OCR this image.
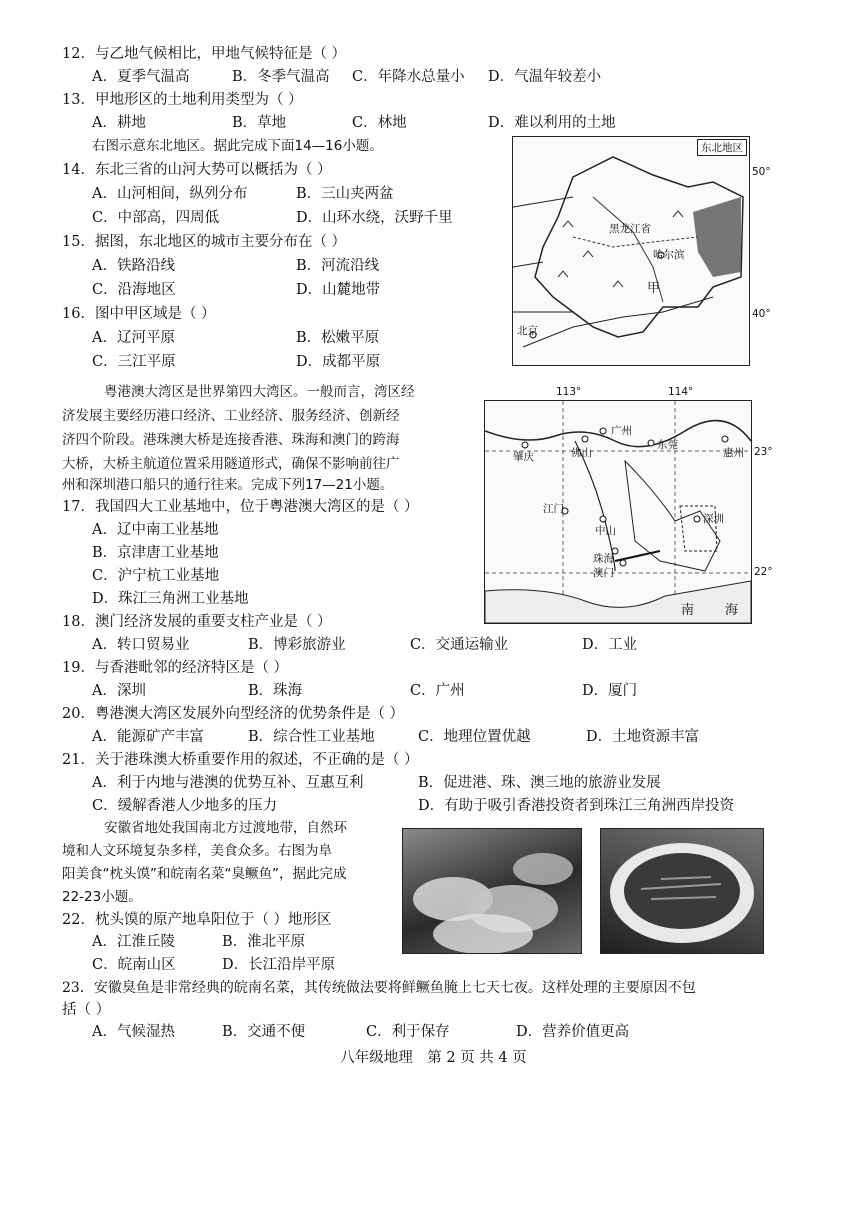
12．与乙地气候相比，甲地气候特征是（ ）
A．夏季气温高	B．冬季气温高 C．年降水总量小 D．气温年较差小
13．甲地形区的土地利用类型为（ ）
A．耕地	B．草地	C．林地	D．难以利用的土地
右图示意东北地区。据此完成下面14—16小题。
14．东北三省的山河大势可以概括为（ ）
A．山河相间，纵列分布	B．三山夹两盆
C．中部高，四周低	D．山环水绕，沃野千里
15．据图，东北地区的城市主要分布在（ ）
A．铁路沿线	B．河流沿线
C．沿海地区	D．山麓地带
16．图中甲区域是（ ）
A．辽河平原	B．松嫩平原
C．三江平原	D．成都平原
东北地区
甲
黑龙江省
哈尔滨
北京
50°
40°
粤港澳大湾区是世界第四大湾区。一般而言，湾区经
济发展主要经历港口经济、工业经济、服务经济、创新经
济四个阶段。港珠澳大桥是连接香港、珠海和澳门的跨海
大桥，大桥主航道位置采用隧道形式，确保不影响前往广
州和深圳港口船只的通行往来。完成下列17—21小题。
113°	114°
肇庆
广州
佛山
东莞
惠州
江门
中山
深圳
珠海
澳门
南 海
23°
22°
17．我国四大工业基地中，位于粤港澳大湾区的是（ ）
A．辽中南工业基地
B．京津唐工业基地
C．沪宁杭工业基地
D．珠江三角洲工业基地
18．澳门经济发展的重要支柱产业是（ ）
A．转口贸易业	B．博彩旅游业	C．交通运输业	D．工业
19．与香港毗邻的经济特区是（ ）
A．深圳	B．珠海	C．广州	D．厦门
20．粤港澳大湾区发展外向型经济的优势条件是（ ）
A．能源矿产丰富	B．综合性工业基地	C．地理位置优越	D．土地资源丰富
21．关于港珠澳大桥重要作用的叙述，不正确的是（ ）
A．利于内地与港澳的优势互补、互惠互利	B．促进港、珠、澳三地的旅游业发展
C．缓解香港人少地多的压力	D．有助于吸引香港投资者到珠江三角洲西岸投资
安徽省地处我国南北方过渡地带，自然环
境和人文环境复杂多样，美食众多。右图为阜
阳美食“枕头馍”和皖南名菜“臭鳜鱼”，据此完成
22-23小题。
22．枕头馍的原产地阜阳位于（ ）地形区
A．江淮丘陵	B．淮北平原
C．皖南山区	D．长江沿岸平原
23．安徽臭鱼是非常经典的皖南名菜，其传统做法要将鲜鳜鱼腌上七天七夜。这样处理的主要原因不包
括（ ）
A．气候湿热	B．交通不便	C．利于保存	D．营养价值更高
八年级地理　第 2 页 共 4 页
